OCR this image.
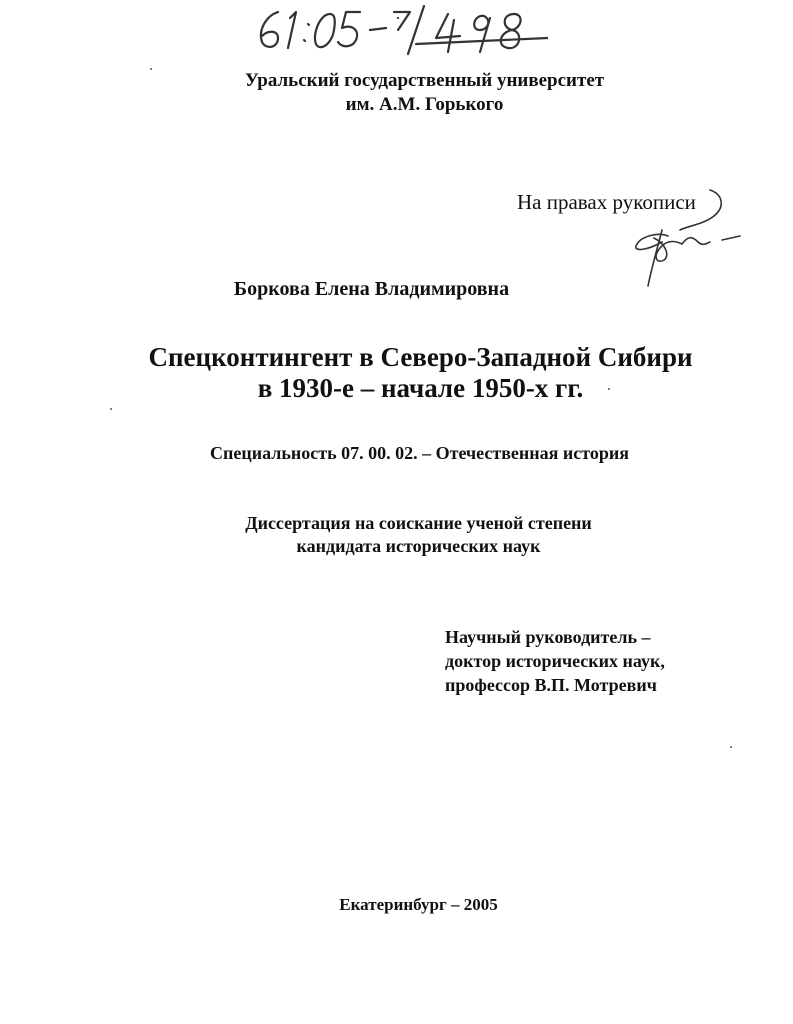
Уральский государственный университет
им. А.М. Горького
На правах рукописи
Боркова Елена Владимировна
Спецконтингент в Северо-Западной Сибири
в 1930-е – начале 1950-х гг.
Специальность 07. 00. 02. – Отечественная история
Диссертация на соискание ученой степени
кандидата исторических наук
Научный руководитель –
доктор исторических наук,
профессор В.П. Мотревич
Екатеринбург – 2005
